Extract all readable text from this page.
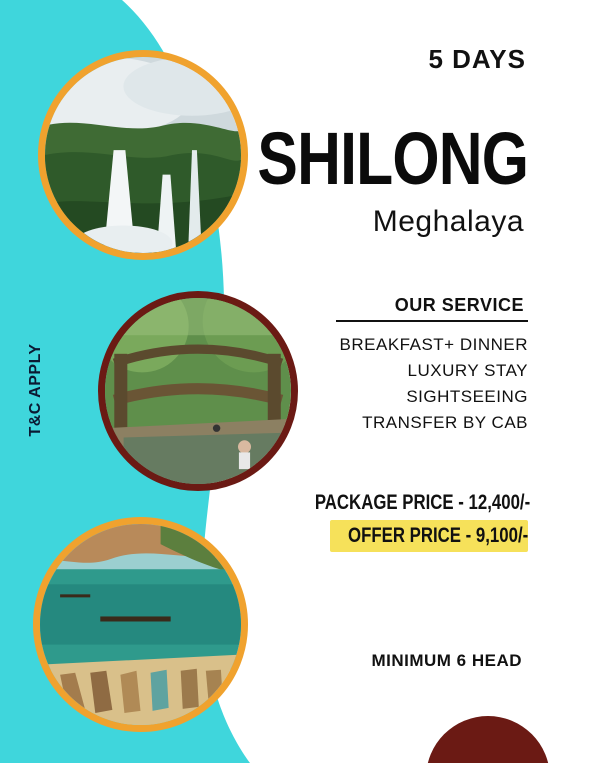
T&C APPLY
5 DAYS
SHILONG
Meghalaya
OUR SERVICE
BREAKFAST+ DINNER
LUXURY STAY
SIGHTSEEING
TRANSFER BY CAB
PACKAGE PRICE - 12,400/-
OFFER PRICE - 9,100/-
MINIMUM 6 HEAD
